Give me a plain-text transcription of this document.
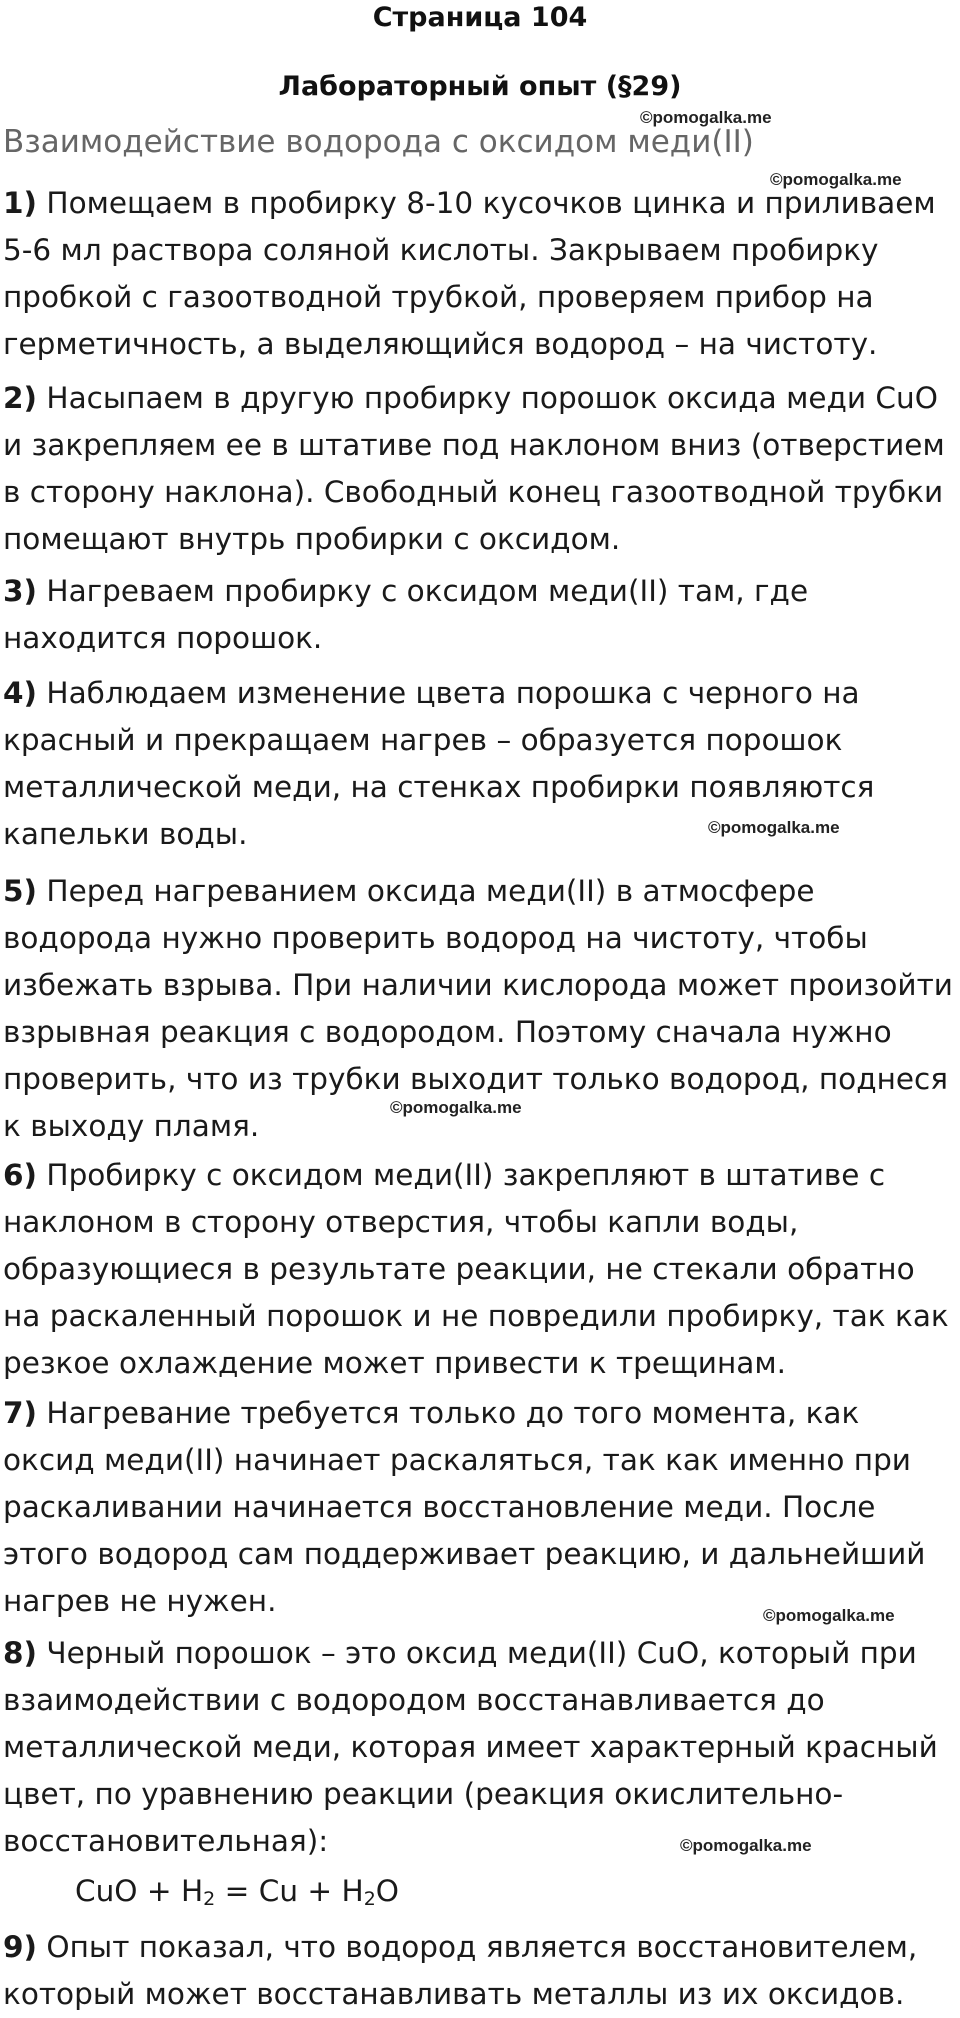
Страница 104
Лабораторный опыт (§29)
©pomogalka.me
Взаимодействие водорода с оксидом меди(II)
©pomogalka.me
1) Помещаем в пробирку 8-10 кусочков цинка и приливаем 5-6 мл раствора соляной кислоты. Закрываем пробирку пробкой с газоотводной трубкой, проверяем прибор на герметичность, а выделяющийся водород – на чистоту.
2) Насыпаем в другую пробирку порошок оксида меди CuO и закрепляем ее в штативе под наклоном вниз (отверстием в сторону наклона). Свободный конец газоотводной трубки помещают внутрь пробирки с оксидом.
3) Нагреваем пробирку с оксидом меди(II) там, где находится порошок.
4) Наблюдаем изменение цвета порошка с черного на красный и прекращаем нагрев – образуется порошок металлической меди, на стенках пробирки появляются капельки воды.	©pomogalka.me
5) Перед нагреванием оксида меди(II) в атмосфере водорода нужно проверить водород на чистоту, чтобы избежать взрыва. При наличии кислорода может произойти взрывная реакция с водородом. Поэтому сначала нужно проверить, что из трубки выходит только водород, поднеся к выходу пламя.
©pomogalka.me
6) Пробирку с оксидом меди(II) закрепляют в штативе с наклоном в сторону отверстия, чтобы капли воды, образующиеся в результате реакции, не стекали обратно на раскаленный порошок и не повредили пробирку, так как резкое охлаждение может привести к трещинам.
7) Нагревание требуется только до того момента, как оксид меди(II) начинает раскаляться, так как именно при раскаливании начинается восстановление меди. После этого водород сам поддерживает реакцию, и дальнейший нагрев не нужен.	©pomogalka.me
8) Черный порошок – это оксид меди(II) CuO, который при взаимодействии с водородом восстанавливается до металлической меди, которая имеет характерный красный цвет, по уравнению реакции (реакция окислительно-восстановительная):	©pomogalka.me
CuO + $H_2 = Cu + H_2O$
9) Опыт показал, что водород является восстановителем, который может восстанавливать металлы из их оксидов.
